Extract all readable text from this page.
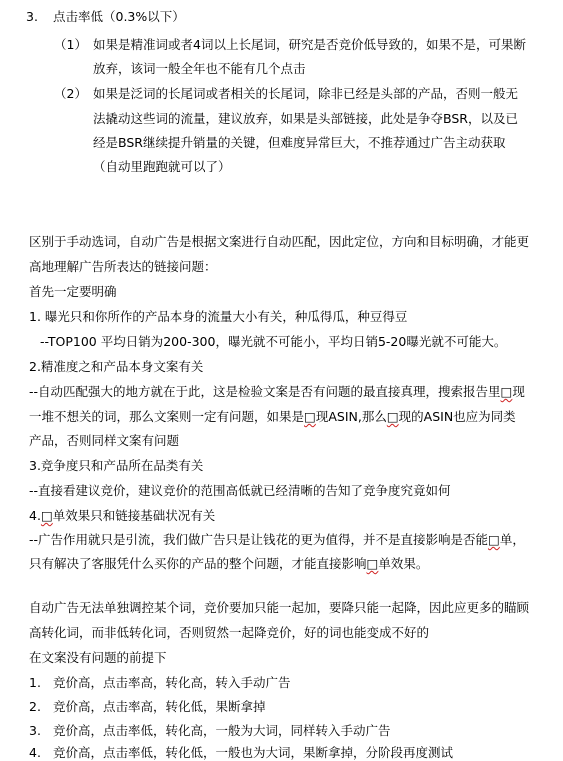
3. 点击率低（0.3%以下）
（1） 如果是精准词或者4词以上长尾词，研究是否竞价低导致的，如果不是，可果断
放弃，该词一般全年也不能有几个点击
（2） 如果是泛词的长尾词或者相关的长尾词，除非已经是头部的产品，否则一般无
法撬动这些词的流量，建议放弃，如果是头部链接，此处是争夺BSR，以及已
经是BSR继续提升销量的关键，但难度异常巨大，不推荐通过广告主动获取
（自动里跑跑就可以了）
区别于手动选词，自动广告是根据文案进行自动匹配，因此定位，方向和目标明确，才能更
高地理解广告所表达的链接问题：
首先一定要明确
1. 曝光只和你所作的产品本身的流量大小有关，种瓜得瓜，种豆得豆
--TOP100 平均日销为200-300，曝光就不可能小，平均日销5-20曝光就不可能大。
2.精准度之和产品本身文案有关
--自动匹配强大的地方就在于此，这是检验文案是否有问题的最直接真理，搜索报告里□现
一堆不想关的词，那么文案则一定有问题，如果是□现ASIN,那么□现的ASIN也应为同类
产品，否则同样文案有问题
3.竞争度只和产品所在品类有关
--直接看建议竞价，建议竞价的范围高低就已经清晰的告知了竞争度究竟如何
4.□单效果只和链接基础状况有关
--广告作用就只是引流，我们做广告只是让钱花的更为值得，并不是直接影响是否能□单，
只有解决了客服凭什么买你的产品的整个问题，才能直接影响□单效果。
自动广告无法单独调控某个词，竞价要加只能一起加，要降只能一起降，因此应更多的瞄顾
高转化词，而非低转化词，否则贸然一起降竞价，好的词也能变成不好的
在文案没有问题的前提下
1. 竞价高，点击率高，转化高，转入手动广告
2. 竞价高，点击率高，转化低，果断拿掉
3. 竞价高，点击率低，转化高，一般为大词，同样转入手动广告
4. 竞价高，点击率低，转化低，一般也为大词，果断拿掉，分阶段再度测试
